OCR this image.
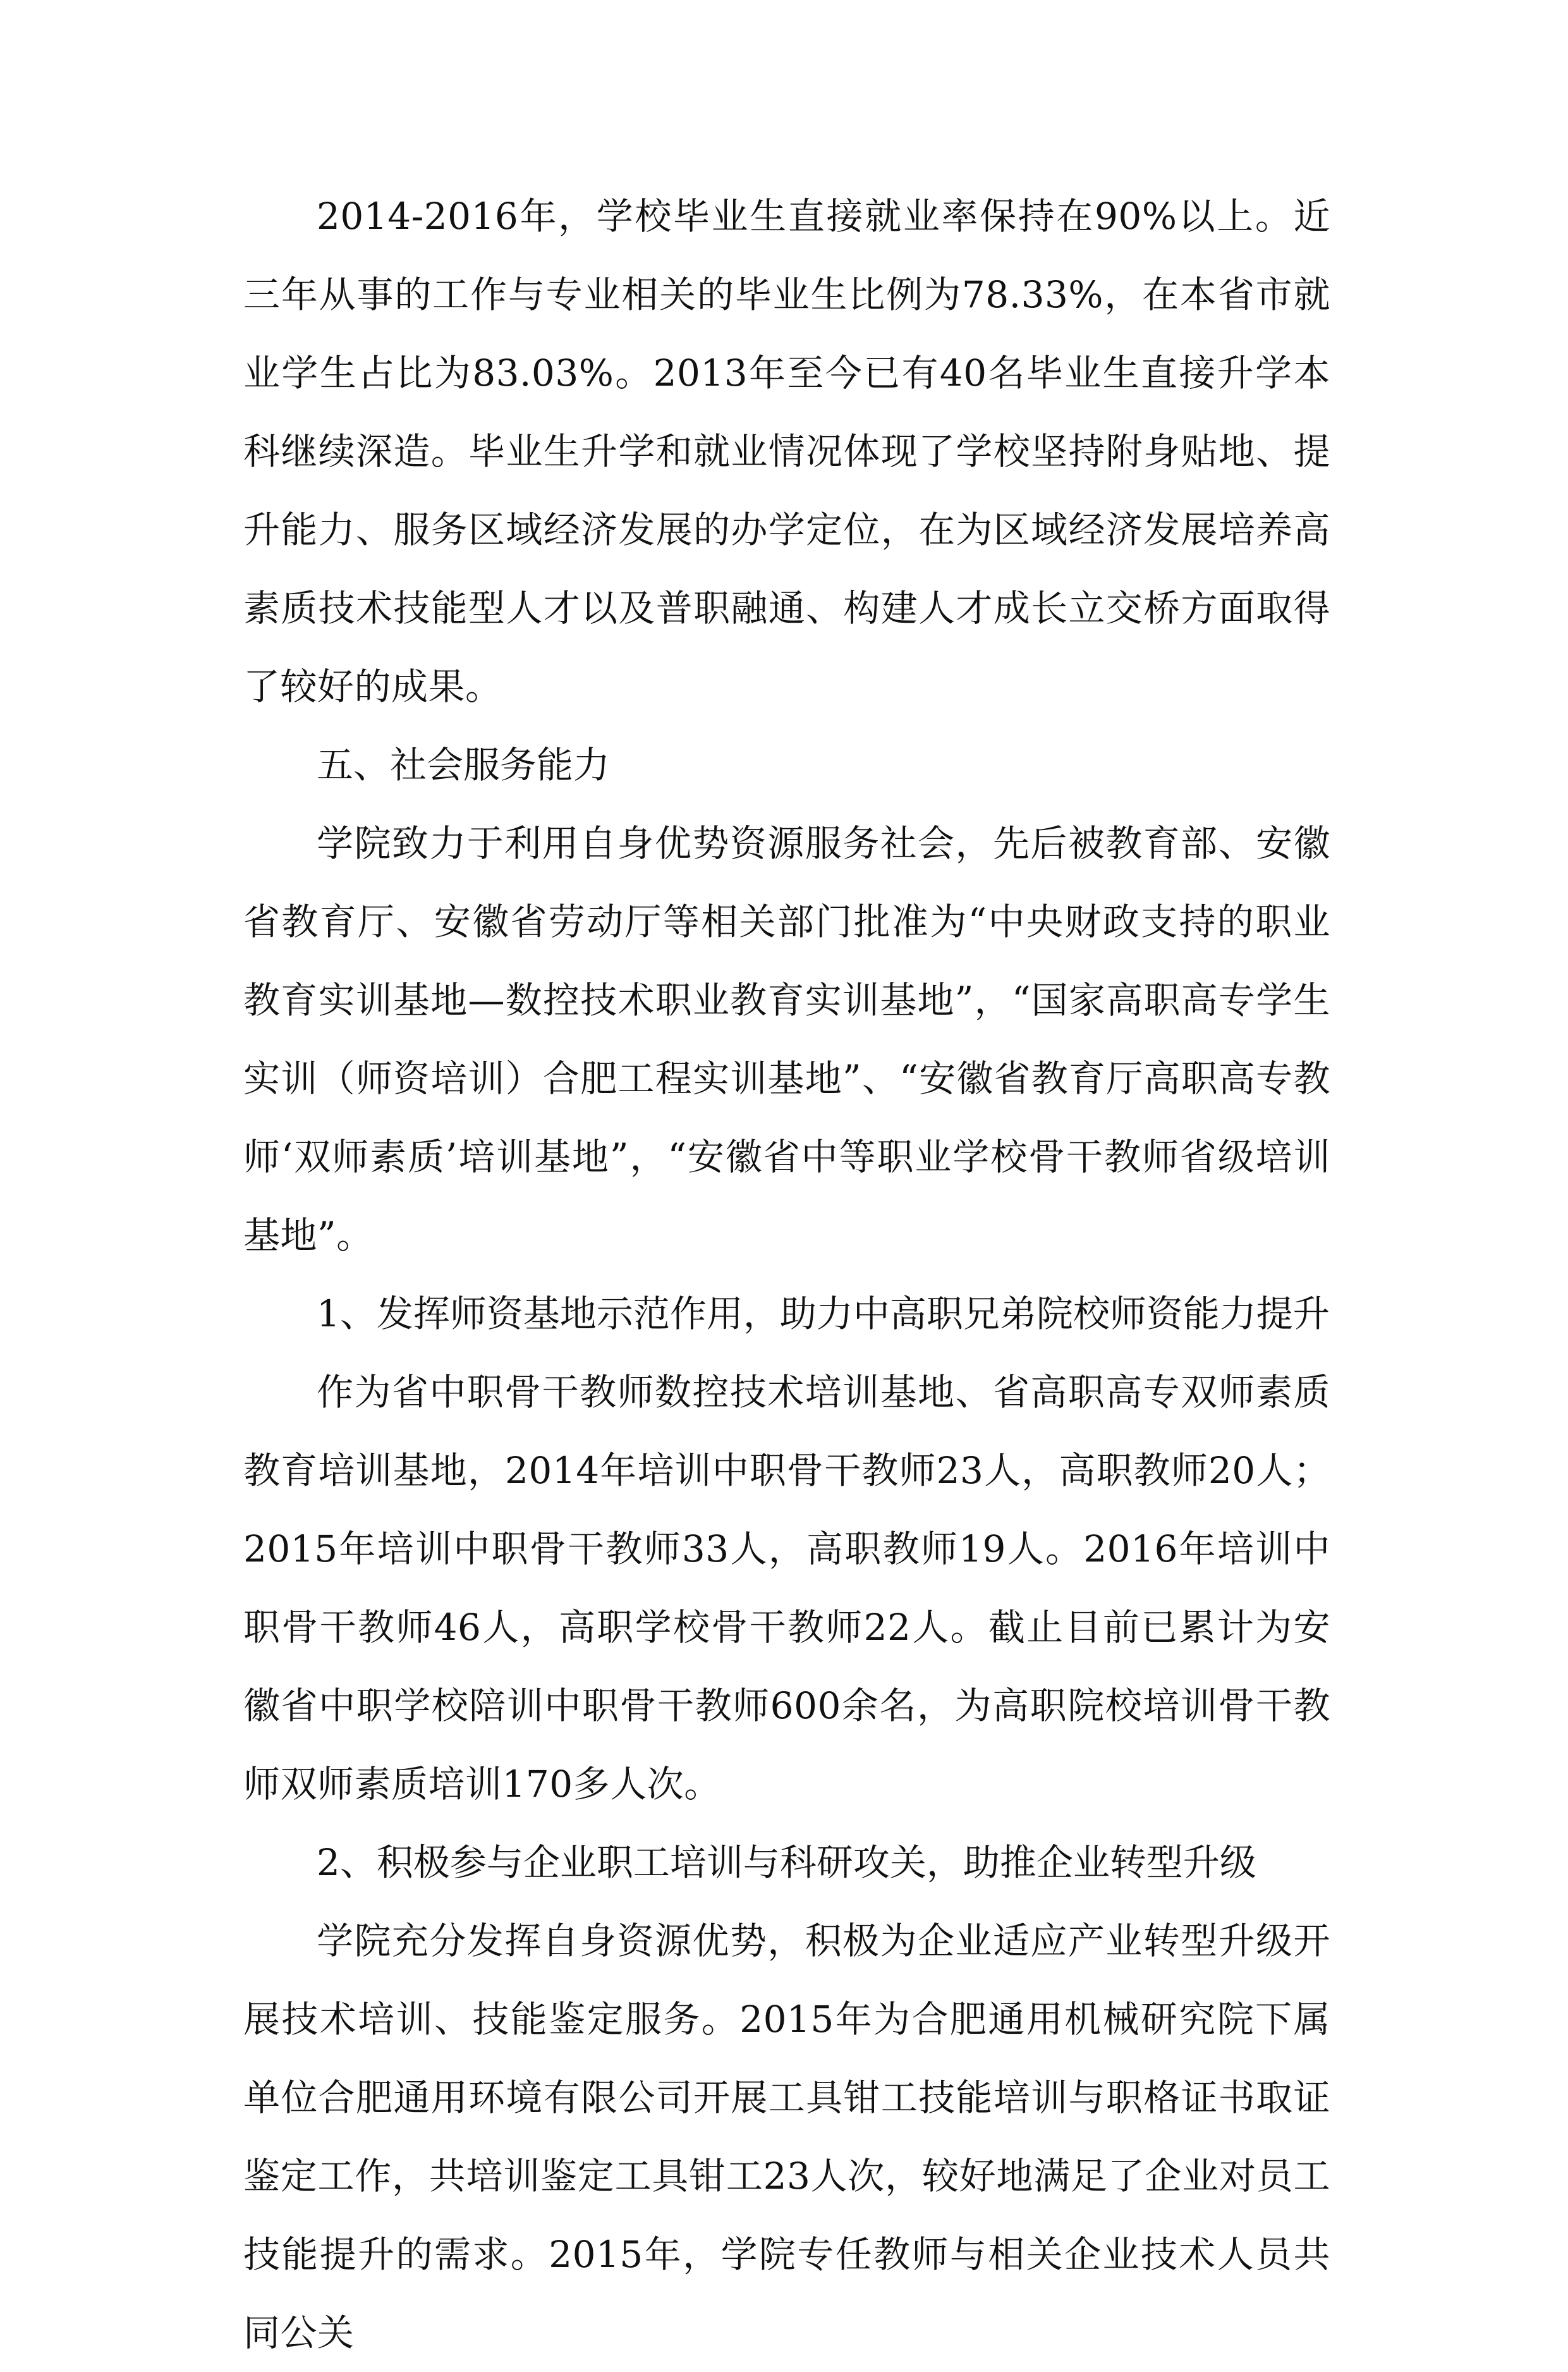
2014-2016年，学校毕业生直接就业率保持在90%以上。近三年从事的工作与专业相关的毕业生比例为78.33%，在本省市就业学生占比为83.03%。2013年至今已有40名毕业生直接升学本科继续深造。毕业生升学和就业情况体现了学校坚持附身贴地、提升能力、服务区域经济发展的办学定位，在为区域经济发展培养高素质技术技能型人才以及普职融通、构建人才成长立交桥方面取得了较好的成果。

五、社会服务能力

学院致力于利用自身优势资源服务社会，先后被教育部、安徽省教育厅、安徽省劳动厅等相关部门批准为“中央财政支持的职业教育实训基地—数控技术职业教育实训基地”，“国家高职高专学生实训（师资培训）合肥工程实训基地”、“安徽省教育厅高职高专教师‘双师素质’培训基地”，“安徽省中等职业学校骨干教师省级培训基地”。

1、发挥师资基地示范作用，助力中高职兄弟院校师资能力提升

作为省中职骨干教师数控技术培训基地、省高职高专双师素质教育培训基地，2014年培训中职骨干教师23人，高职教师20人；2015年培训中职骨干教师33人，高职教师19人。2016年培训中职骨干教师46人，高职学校骨干教师22人。截止目前已累计为安徽省中职学校陪训中职骨干教师600余名，为高职院校培训骨干教师双师素质培训170多人次。

2、积极参与企业职工培训与科研攻关，助推企业转型升级

学院充分发挥自身资源优势，积极为企业适应产业转型升级开展技术培训、技能鉴定服务。2015年为合肥通用机械研究院下属单位合肥通用环境有限公司开展工具钳工技能培训与职格证书取证鉴定工作，共培训鉴定工具钳工23人次，较好地满足了企业对员工技能提升的需求。2015年，学院专任教师与相关企业技术人员共同公关
